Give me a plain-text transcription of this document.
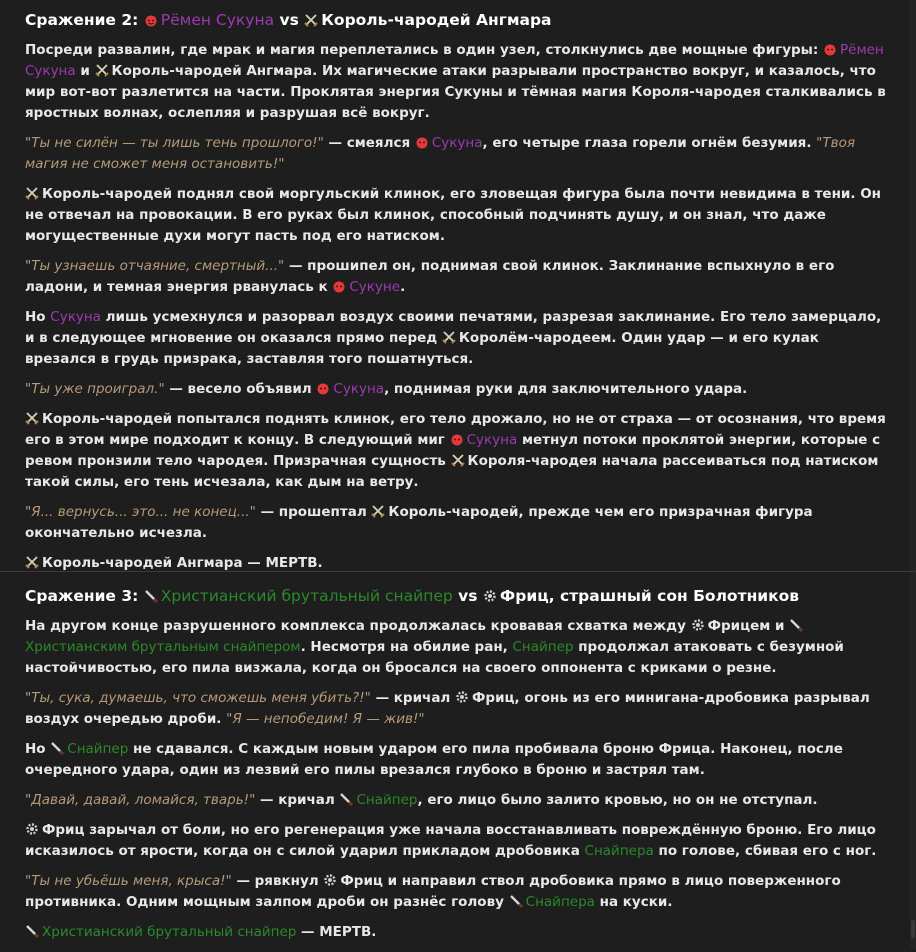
Сражение 2: Рёмен Сукуна vs Король-чародей Ангмара

Посреди развалин, где мрак и магия переплетались в один узел, столкнулись две мощные фигуры: Рёмен Сукуна и Король-чародей Ангмара. Их магические атаки разрывали пространство вокруг, и казалось, что мир вот-вот разлетится на части. Проклятая энергия Сукуны и тёмная магия Короля-чародея сталкивались в яростных волнах, ослепляя и разрушая всё вокруг.

"Ты не силён — ты лишь тень прошлого!" — смеялся Сукуна, его четыре глаза горели огнём безумия. "Твоя магия не сможет меня остановить!"

Король-чародей поднял свой моргульский клинок, его зловещая фигура была почти невидима в тени. Он не отвечал на провокации. В его руках был клинок, способный подчинять душу, и он знал, что даже могущественные духи могут пасть под его натиском.

"Ты узнаешь отчаяние, смертный..." — прошипел он, поднимая свой клинок. Заклинание вспыхнуло в его ладони, и темная энергия рванулась к Сукуне.

Но Сукуна лишь усмехнулся и разорвал воздух своими печатями, разрезая заклинание. Его тело замерцало, и в следующее мгновение он оказался прямо перед Королём-чародеем. Один удар — и его кулак врезался в грудь призрака, заставляя того пошатнуться.

"Ты уже проиграл." — весело объявил Сукуна, поднимая руки для заключительного удара.

Король-чародей попытался поднять клинок, его тело дрожало, но не от страха — от осознания, что время его в этом мире подходит к концу. В следующий миг Сукуна метнул потоки проклятой энергии, которые с ревом пронзили тело чародея. Призрачная сущность Короля-чародея начала рассеиваться под натиском такой силы, его тень исчезала, как дым на ветру.

"Я... вернусь... это... не конец..." — прошептал Король-чародей, прежде чем его призрачная фигура окончательно исчезла.

Король-чародей Ангмара — МЕРТВ.

Сражение 3: Христианский брутальный снайпер vs Фриц, страшный сон Болотников

На другом конце разрушенного комплекса продолжалась кровавая схватка между Фрицем и Христианским брутальным снайпером. Несмотря на обилие ран, Снайпер продолжал атаковать с безумной настойчивостью, его пила визжала, когда он бросался на своего оппонента с криками о резне.

"Ты, сука, думаешь, что сможешь меня убить?!" — кричал Фриц, огонь из его минигана-дробовика разрывал воздух очередью дроби. "Я — непобедим! Я — жив!"

Но Снайпер не сдавался. С каждым новым ударом его пила пробивала броню Фрица. Наконец, после очередного удара, один из лезвий его пилы врезался глубоко в броню и застрял там.

"Давай, давай, ломайся, тварь!" — кричал Снайпер, его лицо было залито кровью, но он не отступал.

Фриц зарычал от боли, но его регенерация уже начала восстанавливать повреждённую броню. Его лицо исказилось от ярости, когда он с силой ударил прикладом дробовика Снайпера по голове, сбивая его с ног.

"Ты не убьёшь меня, крыса!" — рявкнул Фриц и направил ствол дробовика прямо в лицо поверженного противника. Одним мощным залпом дроби он разнёс голову Снайпера на куски.

Христианский брутальный снайпер — МЕРТВ.
